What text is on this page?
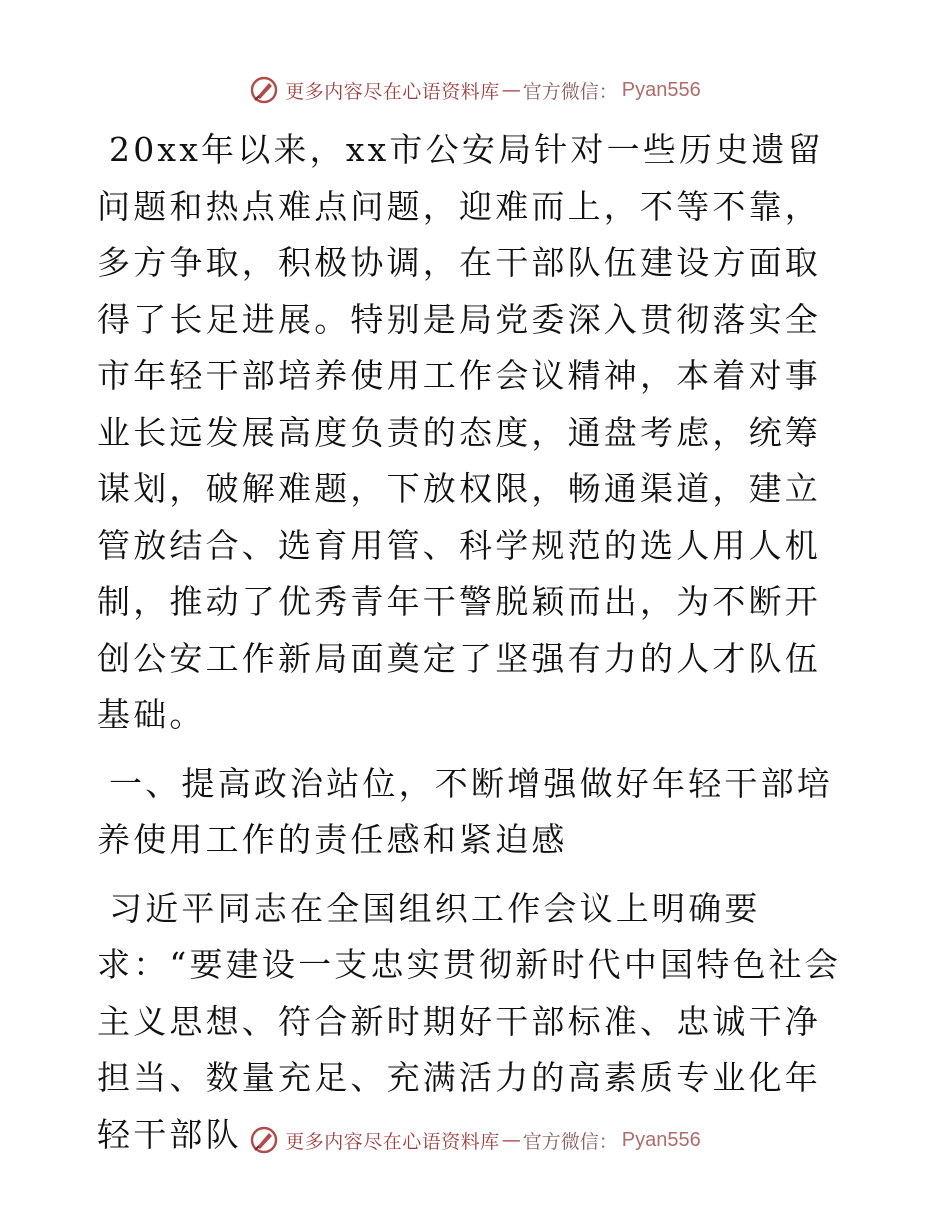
更多内容尽在心语资料库 — 官方微信： Pyan556

20xx年以来，xx市公安局针对一些历史遗留问题和热点难点问题，迎难而上，不等不靠，多方争取，积极协调，在干部队伍建设方面取得了长足进展。特别是局党委深入贯彻落实全市年轻干部培养使用工作会议精神，本着对事业长远发展高度负责的态度，通盘考虑，统筹谋划，破解难题，下放权限，畅通渠道，建立管放结合、选育用管、科学规范的选人用人机制，推动了优秀青年干警脱颖而出，为不断开创公安工作新局面奠定了坚强有力的人才队伍基础。

一、提高政治站位，不断增强做好年轻干部培养使用工作的责任感和紧迫感

习近平同志在全国组织工作会议上明确要求：“要建设一支忠实贯彻新时代中国特色社会主义思想、符合新时期好干部标准、忠诚干净担当、数量充足、充满活力的高素质专业化年轻干部队	更多内容尽在心语资料库 — 官方微信： Pyan556
